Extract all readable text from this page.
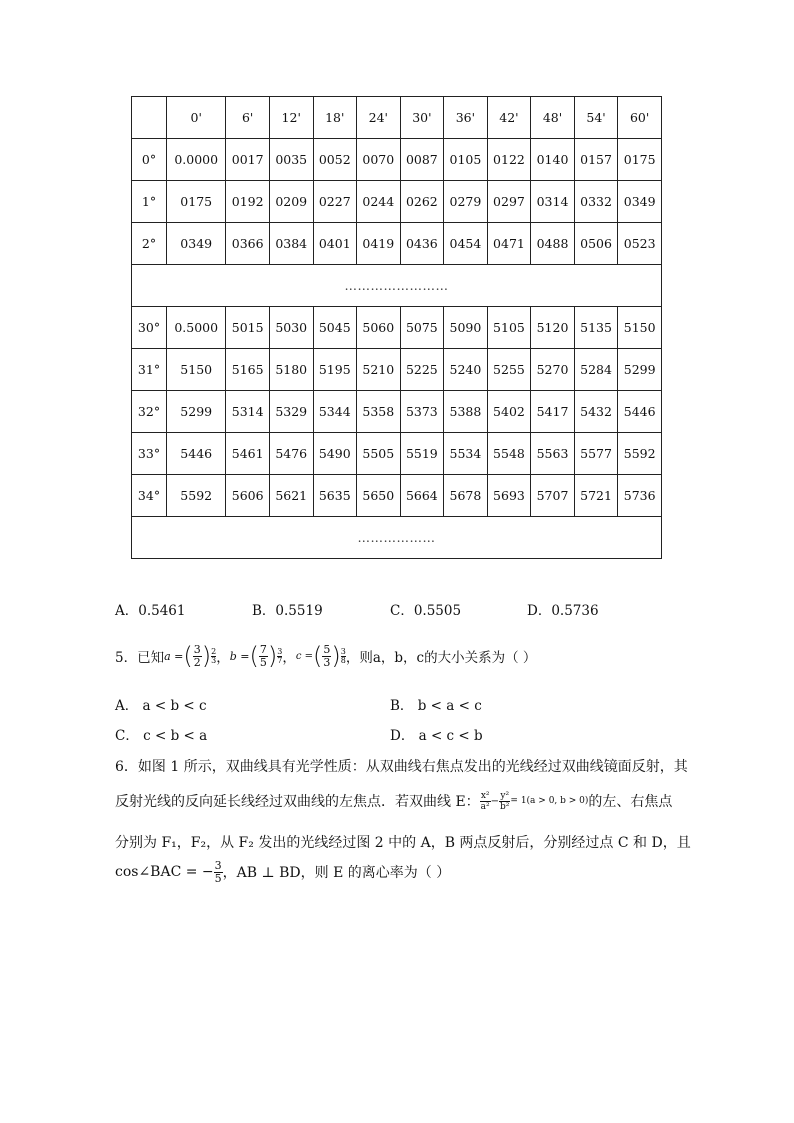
	0'	6'	12'	18'	24'	30'	36'	42'	48'	54'	60'
0°	0.0000	0017	0035	0052	0070	0087	0105	0122	0140	0157	0175
1°	0175	0192	0209	0227	0244	0262	0279	0297	0314	0332	0349
2°	0349	0366	0384	0401	0419	0436	0454	0471	0488	0506	0523
……………………											
30°	0.5000	5015	5030	5045	5060	5075	5090	5105	5120	5135	5150
31°	5150	5165	5180	5195	5210	5225	5240	5255	5270	5284	5299
32°	5299	5314	5329	5344	5358	5373	5388	5402	5417	5432	5446
33°	5446	5461	5476	5490	5505	5519	5534	5548	5563	5577	5592
34°	5592	5606	5621	5635	5650	5664	5678	5693	5707	5721	5736
………………											
A．0.5461	B．0.5519	C．0.5505	D．0.5736
5．已知 a = ( $\frac{3}{2}$ ) $\frac{2}{3}$ ， b = ( $\frac{7}{5}$ ) $\frac{3}{7}$ ， c = ( $\frac{5}{3}$ ) $\frac{3}{8}$ ，则a，b，c的大小关系为（ ）
A． a < b < c	B． b < a < c
C． c < b < a	D． a < c < b
6．如图 1 所示，双曲线具有光学性质：从双曲线右焦点发出的光线经过双曲线镜面反射，其
反射光线的反向延长线经过双曲线的左焦点．若双曲线 E： $\frac{\text{x²}}{\text{a²}} - \frac{\text{y²}}{\text{b²}} = 1(a > 0$, b > 0) 的左、右焦点
分别为 F₁，F₂，从 F₂ 发出的光线经过图 2 中的 A，B 两点反射后，分别经过点 C 和 D，且
cos∠BAC = − $\frac{3}{5}$ ，AB ⊥ BD，则 E 的离心率为（ ）
